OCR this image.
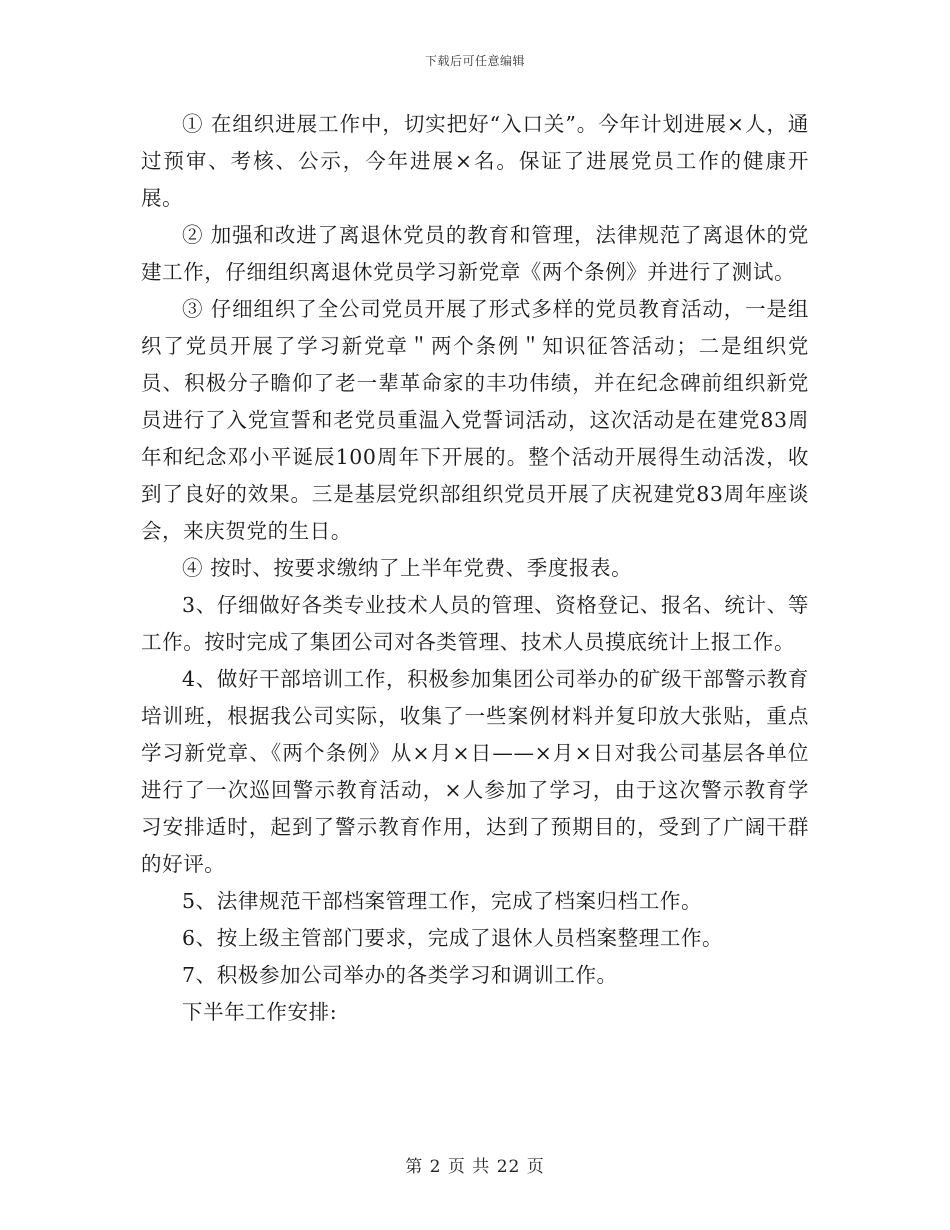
下载后可任意编辑

① 在组织进展工作中，切实把好“入口关”。今年计划进展×人，通过预审、考核、公示，今年进展×名。保证了进展党员工作的健康开展。

② 加强和改进了离退休党员的教育和管理，法律规范了离退休的党建工作，仔细组织离退休党员学习新党章《两个条例》并进行了测试。

③ 仔细组织了全公司党员开展了形式多样的党员教育活动，一是组织了党员开展了学习新党章＂两个条例＂知识征答活动；二是组织党员、积极分子瞻仰了老一辈革命家的丰功伟绩，并在纪念碑前组织新党员进行了入党宣誓和老党员重温入党誓词活动，这次活动是在建党83周年和纪念邓小平诞辰100周年下开展的。整个活动开展得生动活泼，收到了良好的效果。三是基层党织部组织党员开展了庆祝建党83周年座谈会，来庆贺党的生日。

④ 按时、按要求缴纳了上半年党费、季度报表。

3、仔细做好各类专业技术人员的管理、资格登记、报名、统计、等工作。按时完成了集团公司对各类管理、技术人员摸底统计上报工作。

4、做好干部培训工作，积极参加集团公司举办的矿级干部警示教育培训班，根据我公司实际，收集了一些案例材料并复印放大张贴，重点学习新党章、《两个条例》从×月×日——×月×日对我公司基层各单位进行了一次巡回警示教育活动，×人参加了学习，由于这次警示教育学习安排适时，起到了警示教育作用，达到了预期目的，受到了广阔干群的好评。

5、法律规范干部档案管理工作，完成了档案归档工作。

6、按上级主管部门要求，完成了退休人员档案整理工作。

7、积极参加公司举办的各类学习和调训工作。

下半年工作安排:

第 2 页 共 22 页
